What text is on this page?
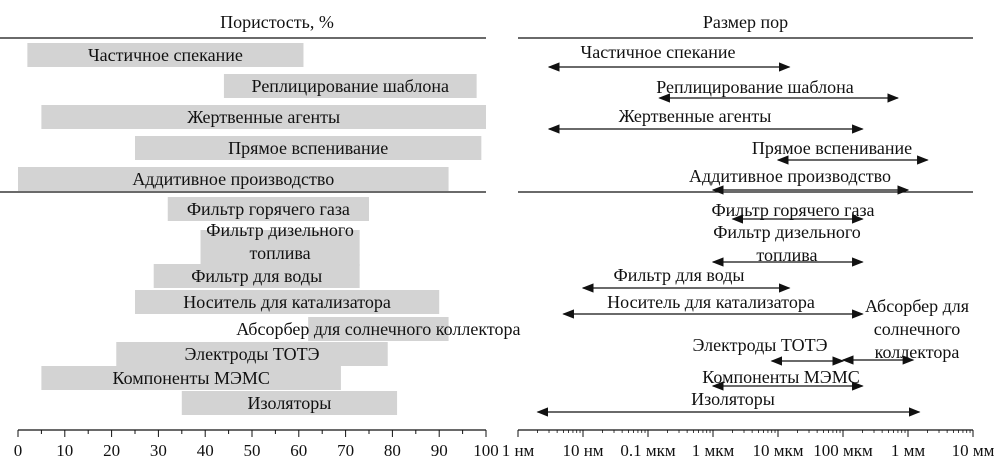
Пористость, %
Частичное спекание
Реплицирование шаблона
Жертвенные агенты
Прямое вспенивание
Аддитивное производство
Фильтр горячего газа
Фильтр дизельного
топлива
Фильтр для воды
Носитель для катализатора
Абсорбер для солнечного коллектора
Электроды ТОТЭ
Компоненты МЭМС
Изоляторы
0 10 20 30 40 50 60 70 80 90 100
Размер пор
Частичное спекание
Реплицирование шаблона
Жертвенные агенты
Прямое вспенивание
Аддитивное производство
Фильтр горячего газа
Фильтр дизельного
топлива
Фильтр для воды
Носитель для катализатора	Абсорбер для
солнечного
коллектора
Электроды ТОТЭ
Компоненты МЭМС
Изоляторы
1 нм 10 нм 0.1 мкм 1 мкм 10 мкм 100 мкм 1 мм 10 мм
